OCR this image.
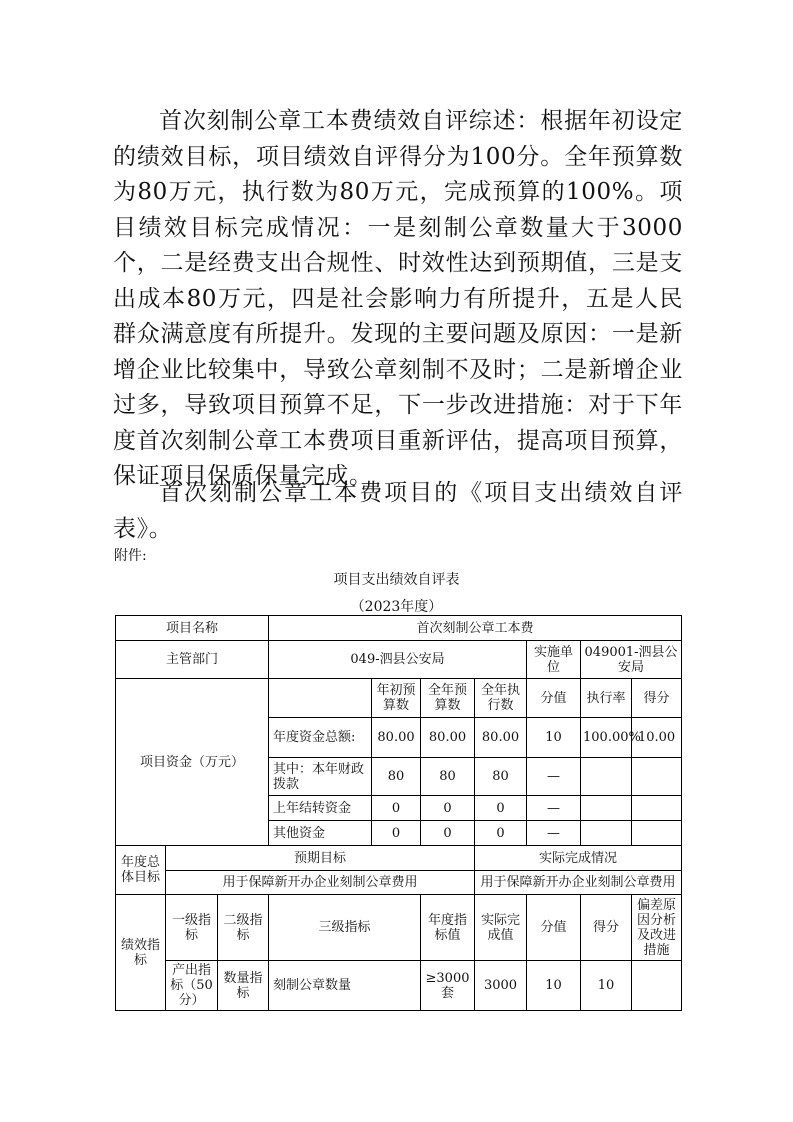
首次刻制公章工本费绩效自评综述：根据年初设定的绩效目标，项目绩效自评得分为100分。全年预算数为80万元，执行数为80万元，完成预算的100%。项目绩效目标完成情况：一是刻制公章数量大于3000个，二是经费支出合规性、时效性达到预期值，三是支出成本80万元，四是社会影响力有所提升，五是人民群众满意度有所提升。发现的主要问题及原因：一是新增企业比较集中，导致公章刻制不及时；二是新增企业过多，导致项目预算不足，下一步改进措施：对于下年度首次刻制公章工本费项目重新评估，提高项目预算，保证项目保质保量完成。

首次刻制公章工本费项目的《项目支出绩效自评表》。

附件:
项目支出绩效自评表
（2023年度）
项目名称			首次刻制公章工本费						
主管部门			049-泗县公安局				实施单位	049001-泗县公安局	
项目资金（万元）				年初预算数	全年预算数	全年执行数	分值	执行率	得分
			年度资金总额:	80.00	80.00	80.00	10	100.00%	10.00
			其中：本年财政拨款	80	80	80	—		
			上年结转资金	0	0	0	—		
			其他资金	0	0	0	—		
年度总体目标	预期目标					实际完成情况			
	用于保障新开办企业刻制公章费用					用于保障新开办企业刻制公章费用			
绩效指标	一级指标	二级指标	三级指标		年度指标值	实际完成值	分值	得分	偏差原因分析及改进措施
	产出指标（50分）	数量指标	刻制公章数量		≥3000套	3000	10	10	
